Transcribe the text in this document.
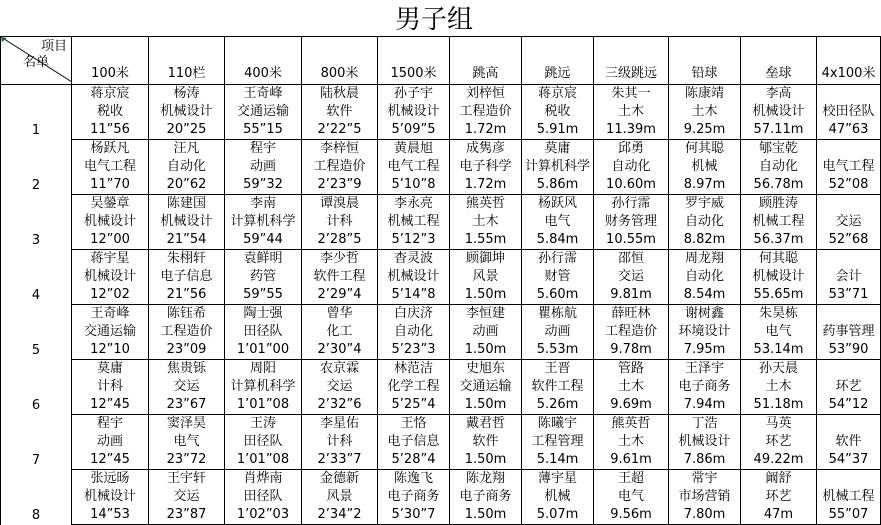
男子组
项目
名单	100米	110栏	400米	800米	1500米	跳高	跳远	三级跳远	铅球	垒球	4x100米
1	蒋京宸	杨涛	王奇峰	陆秋晨	孙子宇	刘梓恒	蒋京宸	朱其一	陈康靖	李高	
	税收	机械设计	交通运输	软件	机械设计	工程造价	税收	土木	土木	机械设计	校田径队
	11”56	20”25	55”15	2’22”5	5’09”5	1.72m	5.91m	11.39m	9.25m	57.11m	47”63
2	杨跃凡	汪凡	程宇	李梓恒	黄晨旭	成隽彦	莫庸	邱勇	何其聪	郇宝乾	
	电气工程	自动化	动画	工程造价	电气工程	电子科学	计算机科学	自动化	机械	自动化	电气工程
	11”70	20”62	59”32	2’23”9	5’10”8	1.72m	5.86m	10.60m	8.97m	56.78m	52”08
3	吴鎣章	陈建国	李南	谭溴晨	李永亮	熊英哲	杨跃风	孙行霈	罗宇威	顾胜涛	
	机械设计	机械设计	计算机科学	计科	机械工程	土木	电气	财务管理	自动化	机械工程	交运
	12”00	21”54	59”44	2’28”5	5’12”3	1.55m	5.84m	10.55m	8.82m	56.37m	52”68
4	蒋宇星	朱栩轩	袁鲜明	李少哲	杳灵波	顾御坤	孙行霈	邵恒	周龙翔	何其聪	
	机械设计	电子信息	药管	软件工程	机械设计	风景	财管	交运	自动化	机械设计	会计
	12”02	21”56	59”55	2’29”4	5’14”8	1.50m	5.60m	9.81m	8.54m	55.65m	53”71
5	王奇峰	陈钰希	陶士强	曾华	白庆济	李恒建	瞿栋航	薛旺林	谢树鑫	朱昊栋	
	交通运输	工程造价	田径队	化工	自动化	动画	动画	工程造价	环境设计	电气	药事管理
	12”10	23”09	1’01”00	2’30”4	5’23”3	1.50m	5.53m	9.78m	7.95m	53.14m	53”90
6	莫庸	焦贵铄	周阳	农京霖	林范洁	史旭东	王晋	管路	王泽宇	孙天晨	
	计科	交运	计算机科学	交运	化学工程	交通运输	软件工程	土木	电子商务	土木	环艺
	12”45	23”67	1’01”08	2’32”6	5’25”4	1.50m	5.26m	9.69m	7.94m	51.18m	54”12
7	程宇	窦泽昊	王涛	李星佑	王恪	戴君哲	陈曦宇	熊英哲	丁浩	马英	
	动画	电气	田径队	计科	电子信息	软件	工程管理	土木	机械设计	环艺	软件
	12”45	23”72	1’01”08	2’33”7	5’28”4	1.50m	5.14m	9.61m	7.86m	49.22m	54”37
8	张远旸	王宇轩	肖烨南	金德新	陈逸飞	陈龙翔	薄宇星	王超	常宇	阚舒	
	机械设计	交运	田径队	风景	电子商务	电子商务	机械	电气	市场营销	环艺	机械工程
	14”53	23”87	1’02”03	2’34”2	5’30”7	1.50m	5.07m	9.56m	7.80m	47m	55”07
